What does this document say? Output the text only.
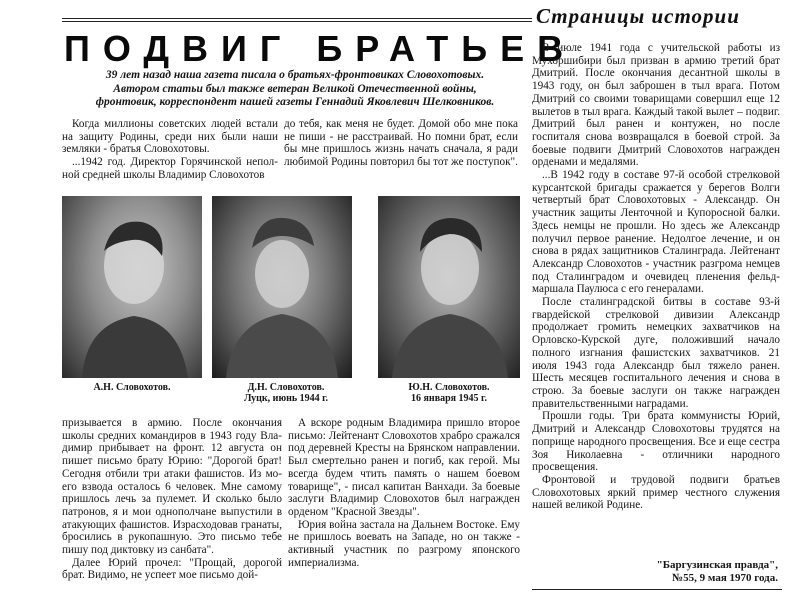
Страницы истории
ПОДВИГ БРАТЬЕВ

39 лет назад наша газета писала о братьях-фронтовиках Словохотовых.

Автором статьи был также ветеран Великой Отечественной войны,

фронтовик, корреспондент нашей газеты Геннадий Яковлевич Шелковников.

Когда миллионы советских людей встали на защиту Родины, среди них были наши земляки - братья Словохотовы.

...1942 год. Директор Горячинской неполной средней школы Владимир Словохотов

до тебя, как меня не будет. Домой обо мне пока не пиши - не расстраивай. Но помни брат, если бы мне пришлось жизнь начать сначала, я ради любимой Родины повторил бы тот же поступок".

А.Н. Словохотов.	Д.Н. Словохотов.
Луцк, июнь 1944 г.
Ю.Н. Словохотов.
16 января 1945 г.

призывается в армию. После окончания школы средних командиров в 1943 году Владимир прибывает на фронт. 12 августа он пишет письмо брату Юрию: "Дорогой брат! Сегодня отбили три атаки фашистов. Из моего взвода осталось 6 человек. Мне самому пришлось лечь за пулемет. И сколько было патронов, я и мои однополчане выпустили в атакующих фашистов. Израсходовав гранаты, бросились в рукопашную. Это письмо тебе пишу под диктовку из санбата".

Далее Юрий прочел: "Прощай, дорогой брат. Видимо, не успеет мое письмо дой-

А вскоре родным Владимира пришло второе письмо: Лейтенант Словохотов храбро сражался под деревней Кресты на Брянском направлении. Был смертельно ранен и погиб, как герой. Мы всегда будем чтить память о нашем боевом товарище", - писал капитан Ванхади. За боевые заслуги Владимир Словохотов был награжден орденом "Красной Звезды".

Юрия война застала на Дальнем Востоке. Ему не пришлось воевать на Западе, но он также - активный участник по разгрому японского империализма.

В июле 1941 года с учительской работы из Мухоршибири был призван в армию третий брат Дмитрий. После окончания десантной школы в 1943 году, он был заброшен в тыл врага. Потом Дмитрий со своими товарищами совершил еще 12 вылетов в тыл врага. Каждый такой вылет – подвиг. Дмитрий был ранен и контужен, но после госпиталя снова возвращался в боевой строй. За боевые подвиги Дмитрий Словохотов награжден орденами и медалями.

...В 1942 году в составе 97-й особой стрелковой курсантской бригады сражается у берегов Волги четвертый брат Словохотовых - Александр. Он участник защиты Ленточной и Купоросной балки. Здесь немцы не прошли. Но здесь же Александр получил первое ранение. Недолгое лечение, и он снова в рядах защитников Сталинграда. Лейтенант Александр Словохотов - участник разгрома немцев под Сталинградом и очевидец пленения фельдмаршала Паулюса с его генералами.

После сталинградской битвы в составе 93-й гвардейской стрелковой дивизии Александр продолжает громить немецких захватчиков на Орловско-Курской дуге, положивший начало полного изгнания фашистских захватчиков. 21 июля 1943 года Александр был тяжело ранен. Шесть месяцев госпитального лечения и снова в строю. За боевые заслуги он также награжден правительственными наградами.

Прошли годы. Три брата коммунисты Юрий, Дмитрий и Александр Словохотовы трудятся на поприще народного просвещения. Все и еще сестра Зоя Николаевна - отличники народного просвещения.

Фронтовой и трудовой подвиги братьев Словохотовых яркий пример честного служения нашей великой Родине.

"Баргузинская правда",
№55, 9 мая 1970 года.
